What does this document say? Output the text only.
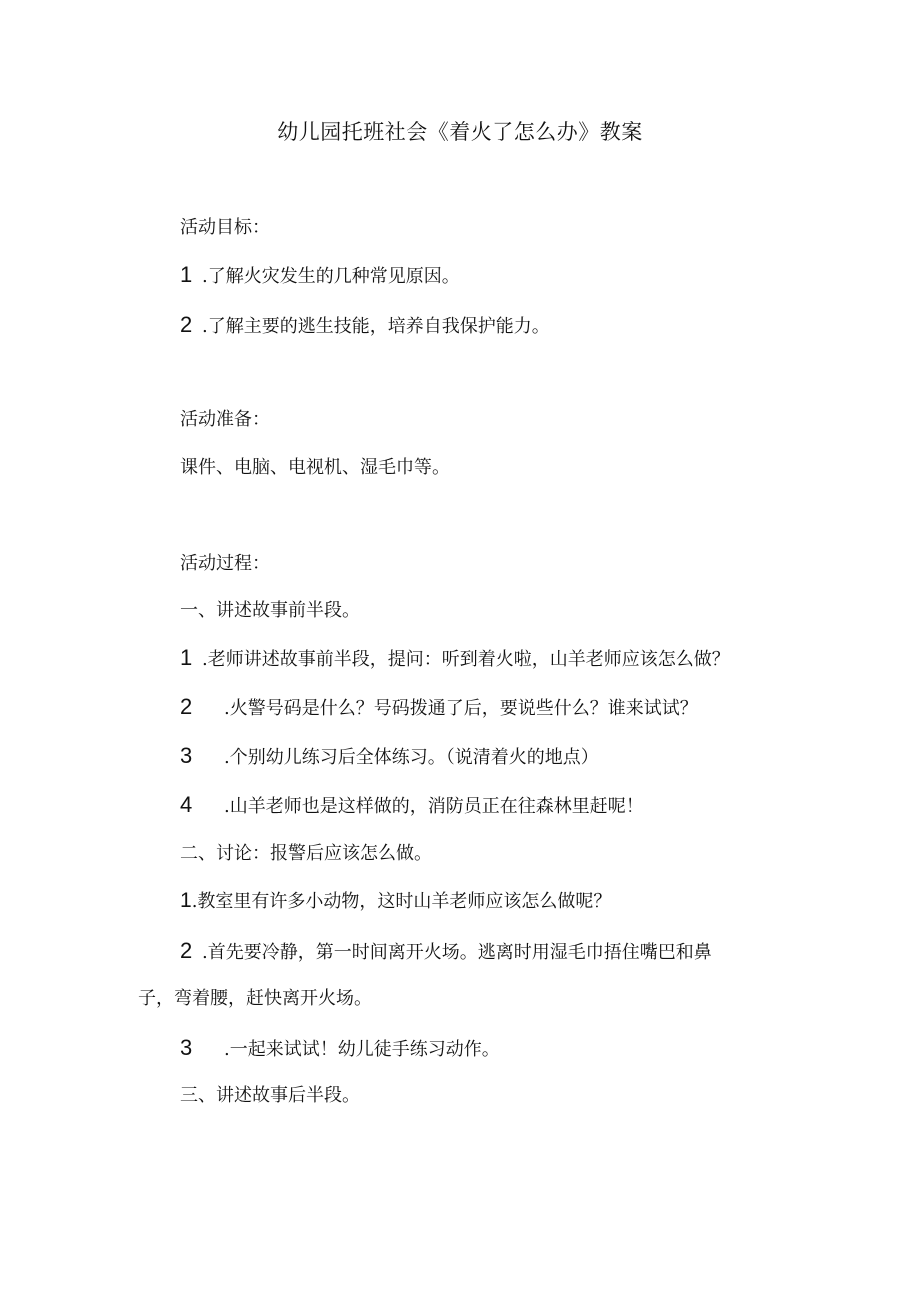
幼儿园托班社会《着火了怎么办》教案
活动目标：
1 .了解火灾发生的几种常见原因。
2 .了解主要的逃生技能，培养自我保护能力。
活动准备：
课件、电脑、电视机、湿毛巾等。
活动过程：
一、讲述故事前半段。
1 .老师讲述故事前半段，提问：听到着火啦，山羊老师应该怎么做？
2 .火警号码是什么？号码拨通了后，要说些什么？谁来试试？
3 .个别幼儿练习后全体练习。（说清着火的地点）
4 .山羊老师也是这样做的，消防员正在往森林里赶呢！
二、讨论：报警后应该怎么做。
1.教室里有许多小动物，这时山羊老师应该怎么做呢？
2 .首先要冷静，第一时间离开火场。逃离时用湿毛巾捂住嘴巴和鼻
子，弯着腰，赶快离开火场。
3 .一起来试试！幼儿徒手练习动作。
三、讲述故事后半段。
